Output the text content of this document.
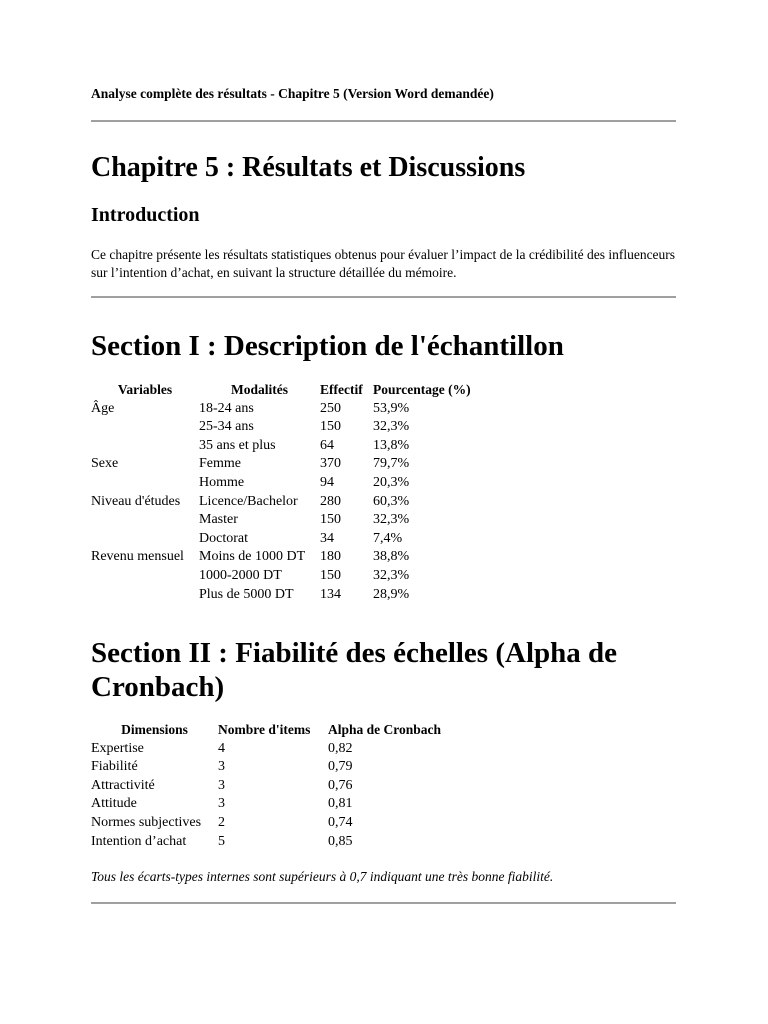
Analyse complète des résultats - Chapitre 5 (Version Word demandée)
Chapitre 5 : Résultats et Discussions
Introduction

Ce chapitre présente les résultats statistiques obtenus pour évaluer l’impact de la crédibilité des influenceurs sur l’intention d’achat, en suivant la structure détaillée du mémoire.

Section I : Description de l'échantillon
Variables	Modalités	Effectif	Pourcentage (%)
Âge	18-24 ans	250	53,9%
	25-34 ans	150	32,3%
	35 ans et plus	64	13,8%
Sexe	Femme	370	79,7%
	Homme	94	20,3%
Niveau d'études	Licence/Bachelor	280	60,3%
	Master	150	32,3%
	Doctorat	34	7,4%
Revenu mensuel	Moins de 1000 DT	180	38,8%
	1000-2000 DT	150	32,3%
	Plus de 5000 DT	134	28,9%
Section II : Fiabilité des échelles (Alpha de Cronbach)
Dimensions	Nombre d'items	Alpha de Cronbach
Expertise	4	0,82
Fiabilité	3	0,79
Attractivité	3	0,76
Attitude	3	0,81
Normes subjectives	2	0,74
Intention d’achat	5	0,85

Tous les écarts-types internes sont supérieurs à 0,7 indiquant une très bonne fiabilité.
